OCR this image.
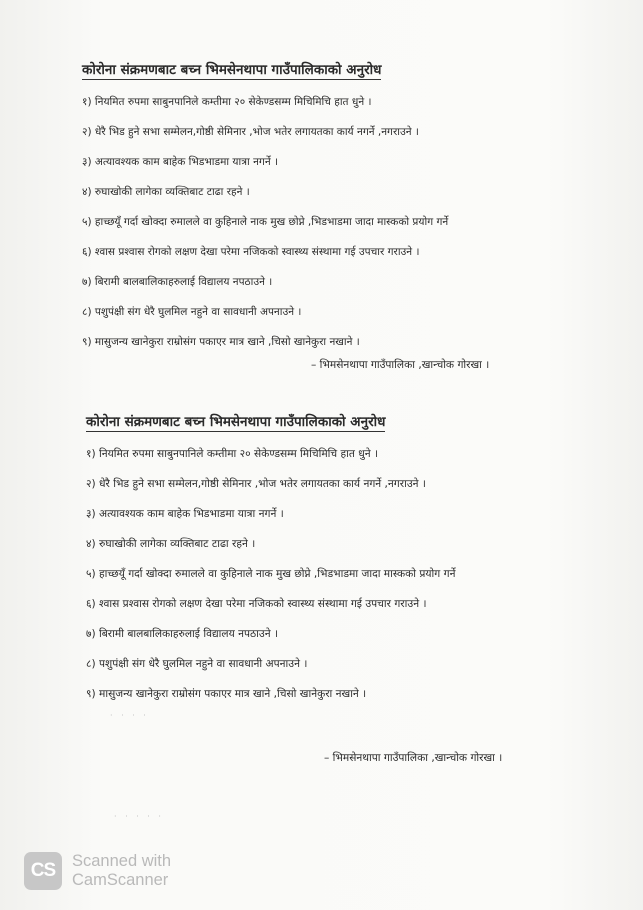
कोरोना संक्रमणबाट बच्न भिमसेनथापा गाउँपालिकाको अनुरोध

१) नियमित रुपमा साबुनपानिले कम्तीमा २० सेकेण्डसम्म मिचिमिचि हात धुने ।

२) धेरै भिड हुने सभा सम्मेलन,गोष्ठी सेमिनार ,भोज भतेर लगायतका कार्य नगर्ने ,नगराउने ।

३) अत्यावश्यक काम बाहेक भिडभाडमा यात्रा नगर्ने ।

४) रुघाखोकी लागेका व्यक्तिबाट टाढा रहने ।

५) हाच्छयूँ गर्दा खोक्दा रुमालले वा कुहिनाले नाक मुख छोप्ने ,भिडभाडमा जादा मास्कको प्रयोग गर्ने

६) श्वास प्रश्वास रोगको लक्षण देखा परेमा नजिकको स्वास्थ्य संस्थामा गई उपचार गराउने ।

७) बिरामी बालबालिकाहरुलाई विद्यालय नपठाउने ।

८) पशुपंक्षी संग धेरै घुलमिल नहुने वा सावधानी अपनाउने ।

९) मासुजन्य खानेकुरा राम्रोसंग पकाएर मात्र खाने ,चिसो खानेकुरा नखाने ।

– भिमसेनथापा गाउँपालिका ,खान्चोक गोरखा ।
कोरोना संक्रमणबाट बच्न भिमसेनथापा गाउँपालिकाको अनुरोध

१) नियमित रुपमा साबुनपानिले कम्तीमा २० सेकेण्डसम्म मिचिमिचि हात धुने ।

२) धेरै भिड हुने सभा सम्मेलन,गोष्ठी सेमिनार ,भोज भतेर लगायतका कार्य नगर्ने ,नगराउने ।

३) अत्यावश्यक काम बाहेक भिडभाडमा यात्रा नगर्ने ।

४) रुघाखोकी लागेका व्यक्तिबाट टाढा रहने ।

५) हाच्छयूँ गर्दा खोक्दा रुमालले वा कुहिनाले नाक मुख छोप्ने ,भिडभाडमा जादा मास्कको प्रयोग गर्ने

६) श्वास प्रश्वास रोगको लक्षण देखा परेमा नजिकको स्वास्थ्य संस्थामा गई उपचार गराउने ।

७) बिरामी बालबालिकाहरुलाई विद्यालय नपठाउने ।

८) पशुपंक्षी संग धेरै घुलमिल नहुने वा सावधानी अपनाउने ।

९) मासुजन्य खानेकुरा राम्रोसंग पकाएर मात्र खाने ,चिसो खानेकुरा नखाने ।

– भिमसेनथापा गाउँपालिका ,खान्चोक गोरखा ।
· · · ·
· · · · ·
CS	Scanned with
CamScanner
